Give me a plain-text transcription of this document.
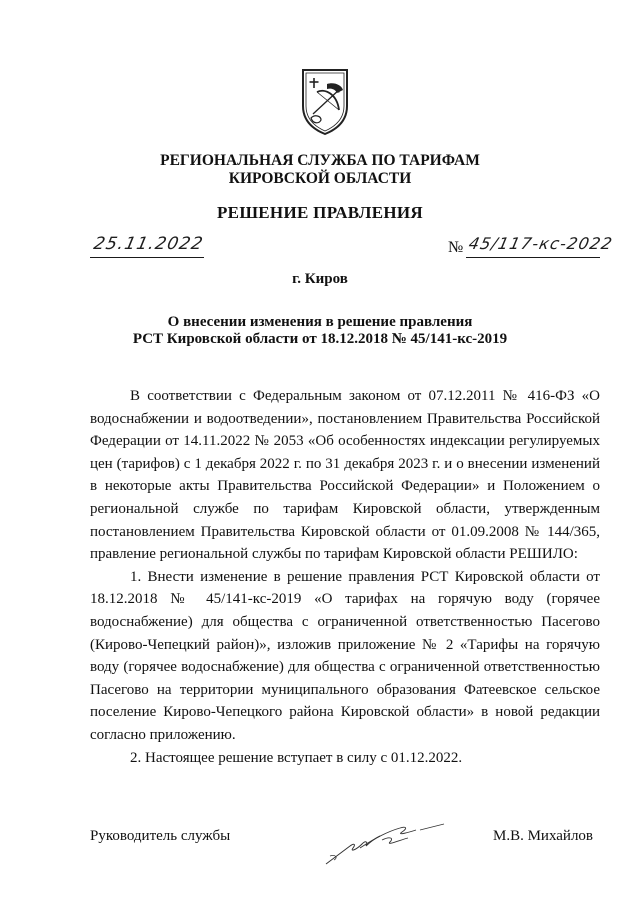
РЕГИОНАЛЬНАЯ СЛУЖБА ПО ТАРИФАМ
КИРОВСКОЙ ОБЛАСТИ
РЕШЕНИЕ ПРАВЛЕНИЯ
25.11.2022	№ 45/117-кс-2022
г. Киров
О внесении изменения в решение правления
РСТ Кировской области от 18.12.2018 № 45/141-кс-2019

В соответствии с Федеральным законом от 07.12.2011 № 416-ФЗ «О водоснабжении и водоотведении», постановлением Правительства Российской Федерации от 14.11.2022 № 2053 «Об особенностях индексации регулируемых цен (тарифов) с 1 декабря 2022 г. по 31 декабря 2023 г. и о внесении изменений в некоторые акты Правительства Российской Федерации» и Положением о региональной службе по тарифам Кировской области, утвержденным постановлением Правительства Кировской области от 01.09.2008 № 144/365, правление региональной службы по тарифам Кировской области РЕШИЛО:

1. Внести изменение в решение правления РСТ Кировской области от 18.12.2018 № 45/141-кс-2019 «О тарифах на горячую воду (горячее водоснабжение) для общества с ограниченной ответственностью Пасегово (Кирово-Чепецкий район)», изложив приложение № 2 «Тарифы на горячую воду (горячее водоснабжение) для общества с ограниченной ответственностью Пасегово на территории муниципального образования Фатеевское сельское поселение Кирово-Чепецкого района Кировской области» в новой редакции согласно приложению.

2. Настоящее решение вступает в силу с 01.12.2022.

Руководитель службы	М.В. Михайлов
